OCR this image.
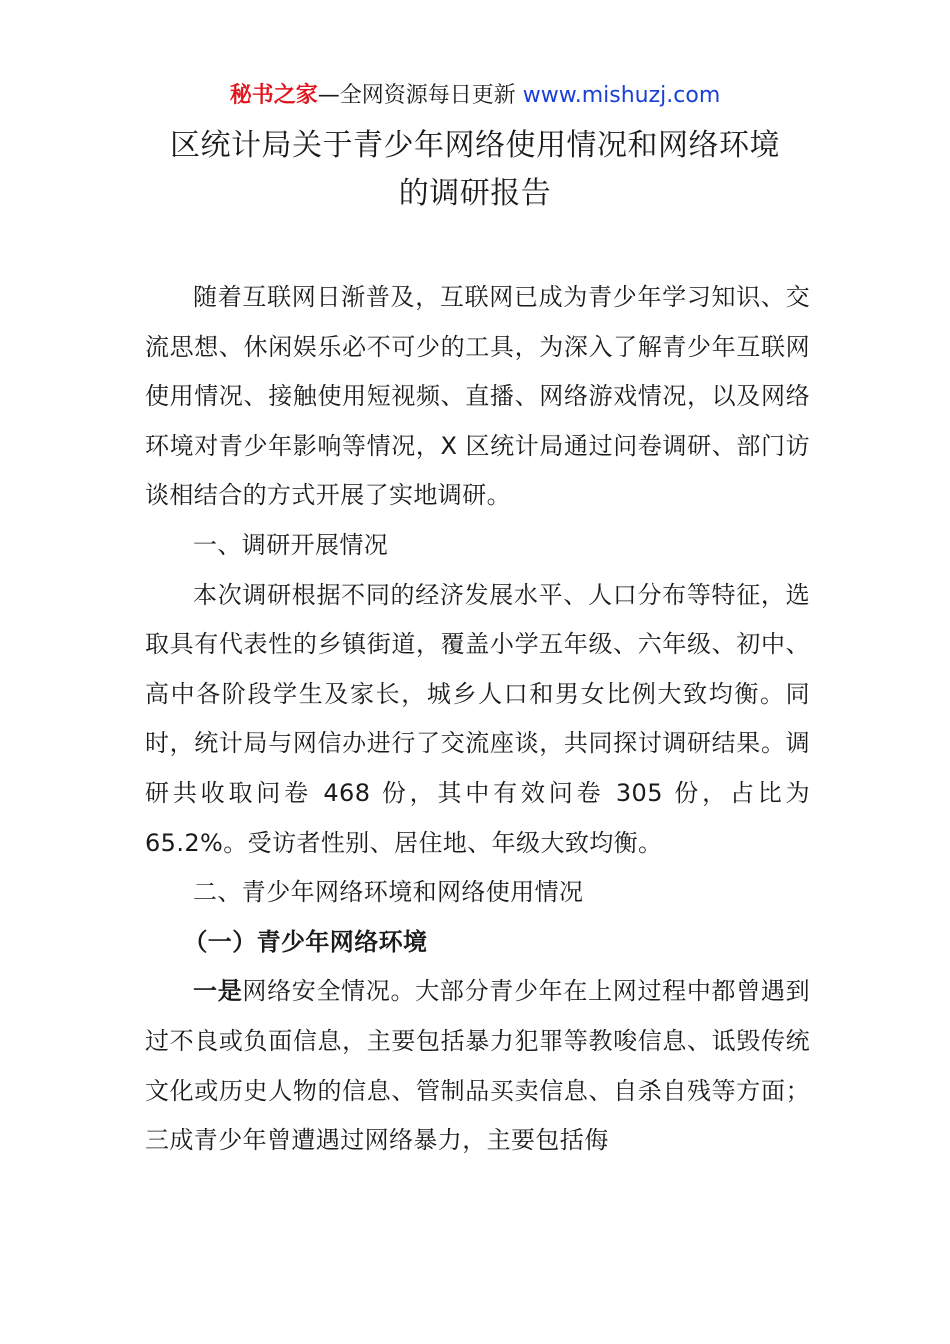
秘书之家—全网资源每日更新 www.mishuzj.com
区统计局关于青少年网络使用情况和网络环境
的调研报告

随着互联网日渐普及，互联网已成为青少年学习知识、交流思想、休闲娱乐必不可少的工具，为深入了解青少年互联网使用情况、接触使用短视频、直播、网络游戏情况，以及网络环境对青少年影响等情况，X 区统计局通过问卷调研、部门访谈相结合的方式开展了实地调研。

一、调研开展情况

本次调研根据不同的经济发展水平、人口分布等特征，选取具有代表性的乡镇街道，覆盖小学五年级、六年级、初中、高中各阶段学生及家长，城乡人口和男女比例大致均衡。同时，统计局与网信办进行了交流座谈，共同探讨调研结果。调研共收取问卷 468 份，其中有效问卷 305 份，占比为 65.2%。受访者性别、居住地、年级大致均衡。

二、青少年网络环境和网络使用情况

（一）青少年网络环境

一是网络安全情况。大部分青少年在上网过程中都曾遇到过不良或负面信息，主要包括暴力犯罪等教唆信息、诋毁传统文化或历史人物的信息、管制品买卖信息、自杀自残等方面；三成青少年曾遭遇过网络暴力，主要包括侮
